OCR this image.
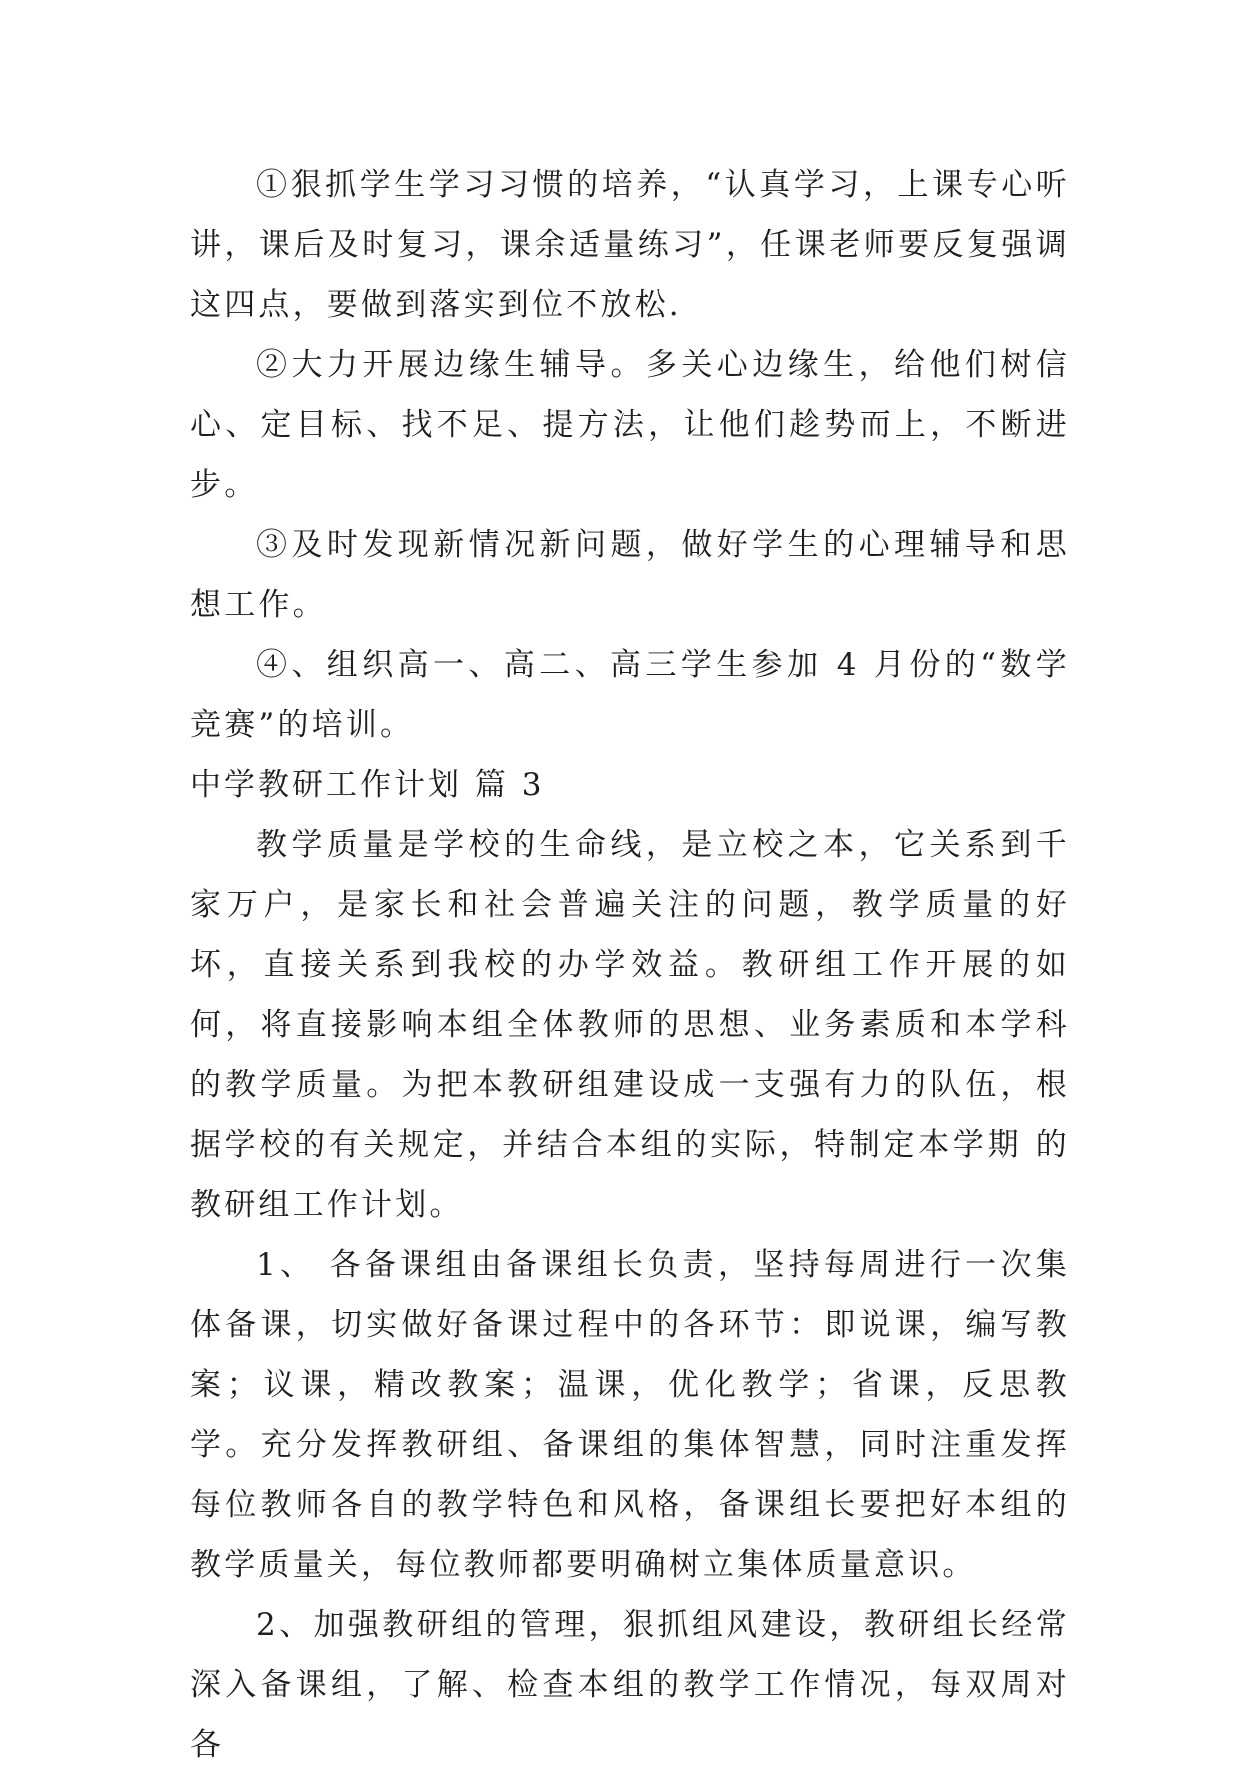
①狠抓学生学习习惯的培养，“认真学习，上课专心听讲，课后及时复习，课余适量练习”，任课老师要反复强调这四点，要做到落实到位不放松.

②大力开展边缘生辅导。多关心边缘生，给他们树信心、定目标、找不足、提方法，让他们趁势而上，不断进步。

③及时发现新情况新问题，做好学生的心理辅导和思想工作。

④、组织高一、高二、高三学生参加 4 月份的“数学竞赛”的培训。

中学教研工作计划 篇 3

教学质量是学校的生命线，是立校之本，它关系到千家万户，是家长和社会普遍关注的问题，教学质量的好坏，直接关系到我校的办学效益。教研组工作开展的如何，将直接影响本组全体教师的思想、业务素质和本学科的教学质量。为把本教研组建设成一支强有力的队伍，根据学校的有关规定，并结合本组的实际，特制定本学期 的教研组工作计划。

1、 各备课组由备课组长负责，坚持每周进行一次集体备课，切实做好备课过程中的各环节：即说课，编写教案；议课，精改教案；温课，优化教学；省课，反思教学。充分发挥教研组、备课组的集体智慧，同时注重发挥每位教师各自的教学特色和风格，备课组长要把好本组的教学质量关，每位教师都要明确树立集体质量意识。

2、加强教研组的管理，狠抓组风建设，教研组长经常深入备课组，了解、检查本组的教学工作情况，每双周对各
